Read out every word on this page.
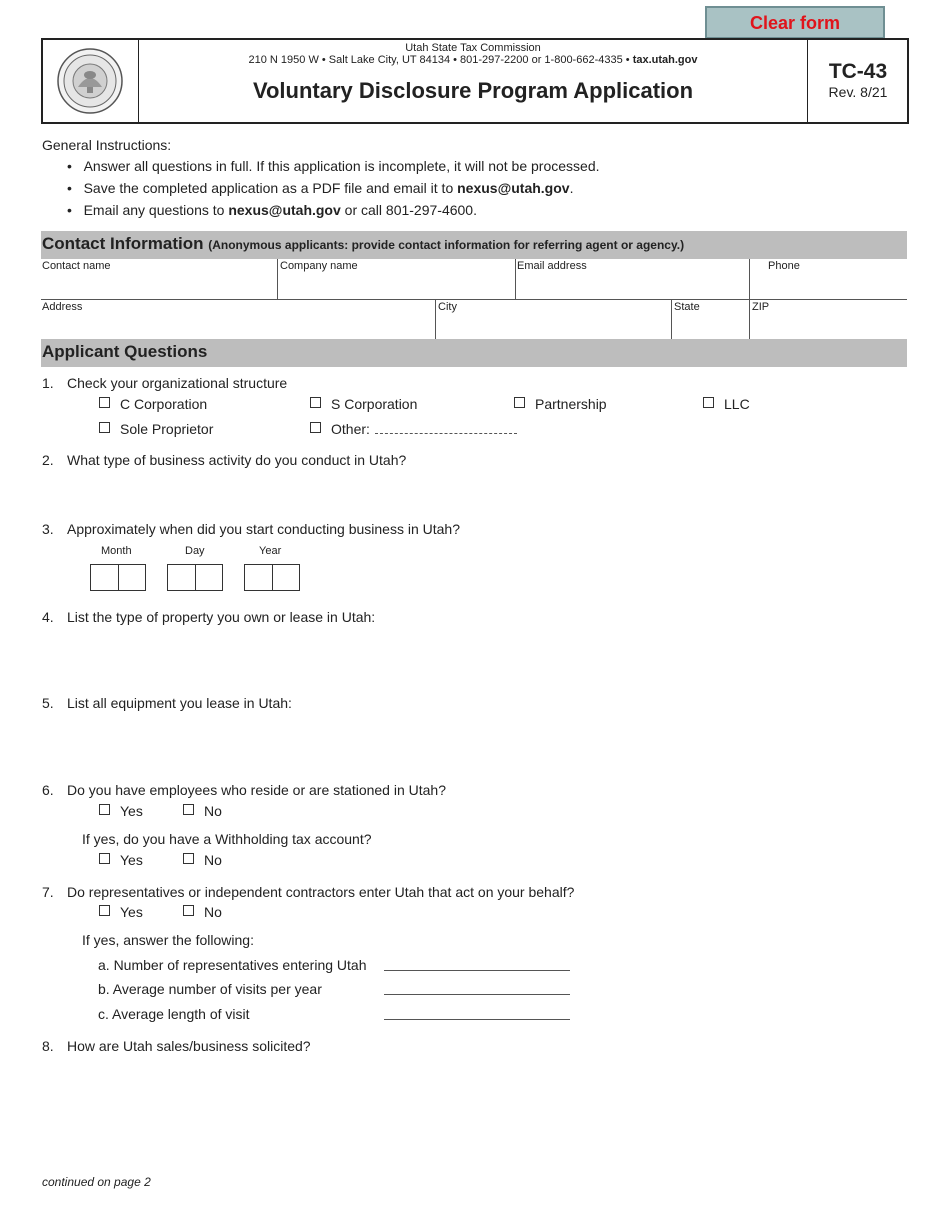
Clear form
Utah State Tax Commission
210 N 1950 W • Salt Lake City, UT 84134 • 801-297-2200 or 1-800-662-4335 • tax.utah.gov
Voluntary Disclosure Program Application
TC-43
Rev. 8/21
General Instructions:
•   Answer all questions in full. If this application is incomplete, it will not be processed.
•   Save the completed application as a PDF file and email it to nexus@utah.gov.
•   Email any questions to nexus@utah.gov or call 801-297-4600.
Contact Information (Anonymous applicants: provide contact information for referring agent or agency.)
Contact name	Company name	Email address	Phone
Address	City	State	ZIP
Applicant Questions
1. Check your organizational structure
C Corporation	S Corporation	Partnership	LLC
Sole Proprietor	Other:
2. What type of business activity do you conduct in Utah?
3. Approximately when did you start conducting business in Utah?
Month	Day	Year
4. List the type of property you own or lease in Utah:
5. List all equipment you lease in Utah:
6. Do you have employees who reside or are stationed in Utah?
Yes	No
If yes, do you have a Withholding tax account?
Yes	No
7. Do representatives or independent contractors enter Utah that act on your behalf?
Yes	No
If yes, answer the following:
a. Number of representatives entering Utah
b. Average number of visits per year
c. Average length of visit
8. How are Utah sales/business solicited?
continued on page 2
